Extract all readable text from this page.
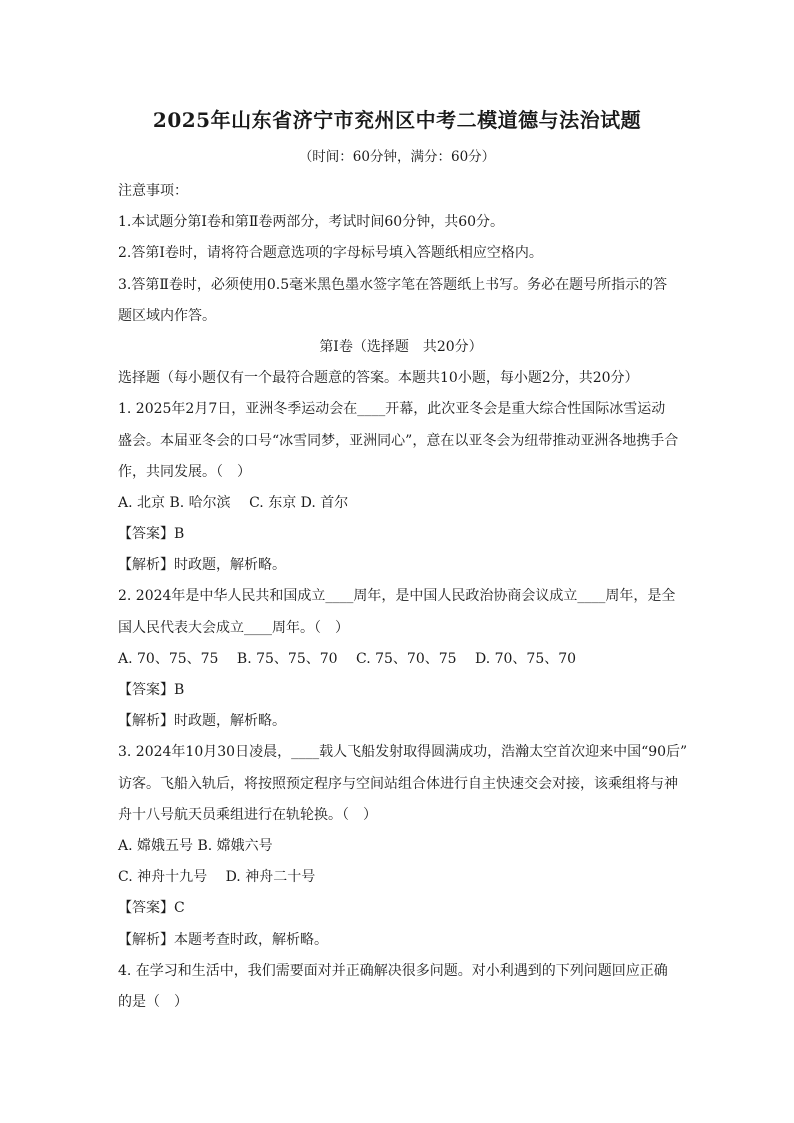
2025年山东省济宁市兖州区中考二模道德与法治试题
（时间：60分钟，满分：60分）
注意事项：
1.本试题分第Ⅰ卷和第Ⅱ卷两部分，考试时间60分钟，共60分。
2.答第Ⅰ卷时，请将符合题意选项的字母标号填入答题纸相应空格内。
3.答第Ⅱ卷时，必须使用0.5毫米黑色墨水签字笔在答题纸上书写。务必在题号所指示的答
题区域内作答。
第Ⅰ卷（选择题　共20分）
选择题（每小题仅有一个最符合题意的答案。本题共10小题，每小题2分，共20分）
1. 2025年2月7日，亚洲冬季运动会在____开幕，此次亚冬会是重大综合性国际冰雪运动
盛会。本届亚冬会的口号“冰雪同梦，亚洲同心”，意在以亚冬会为纽带推动亚洲各地携手合
作，共同发展。（　）
A. 北京 B. 哈尔滨　 C. 东京 D. 首尔
【答案】B
【解析】时政题，解析略。
2. 2024年是中华人民共和国成立____周年，是中国人民政治协商会议成立____周年，是全
国人民代表大会成立____周年。（　）
A. 70、75、75　 B. 75、75、70　 C. 75、70、75　 D. 70、75、70
【答案】B
【解析】时政题，解析略。
3. 2024年10月30日凌晨，____载人飞船发射取得圆满成功，浩瀚太空首次迎来中国“90后”
访客。飞船入轨后，将按照预定程序与空间站组合体进行自主快速交会对接，该乘组将与神
舟十八号航天员乘组进行在轨轮换。（　）
A. 嫦娥五号 B. 嫦娥六号
C. 神舟十九号　 D. 神舟二十号
【答案】C
【解析】本题考查时政，解析略。
4. 在学习和生活中，我们需要面对并正确解决很多问题。对小利遇到的下列问题回应正确
的是（　）
